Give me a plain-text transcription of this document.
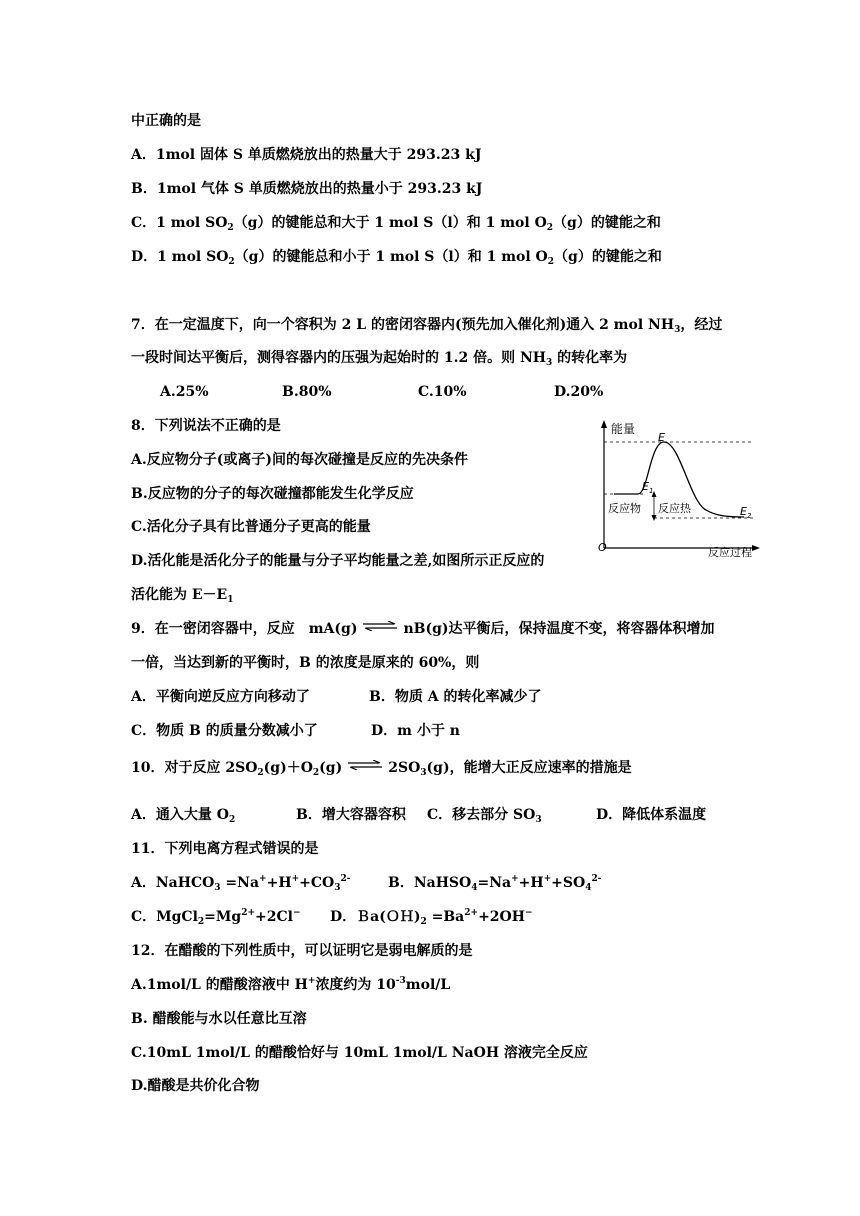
中正确的是
A．1mol 固体 S 单质燃烧放出的热量大于 293.23 kJ
B．1mol 气体 S 单质燃烧放出的热量小于 293.23 kJ
C．1 mol $SO_2(g)$的键能总和大于 1 mol S（l）和 1 mol $O_2(g)$的键能之和
D．1 mol $SO_2(g)$的键能总和小于 1 mol S（l）和 1 mol $O_2(g)$的键能之和
7．在一定温度下，向一个容积为 2 L 的密闭容器内(预先加入催化剂)通入 2 mol $NH_3$，经过
一段时间达平衡后，测得容器内的压强为起始时的 1.2 倍。则 $NH_3$ 的转化率为
A.25%	B.80%	C.10%	D.20%
8．下列说法不正确的是
A.反应物分子(或离子)间的每次碰撞是反应的先决条件
B.反应物的分子的每次碰撞都能发生化学反应
C.活化分子具有比普通分子更高的能量
D.活化能是活化分子的能量与分子平均能量之差,如图所示正反应的
活化能为 $E-E_1$
能量
O	反应过程
E
$E_1$
$E_2$
反应物 反应热
9．在一密闭容器中，反应　mA(g) ⇌ nB(g)达平衡后，保持温度不变，将容器体积增加
一倍，当达到新的平衡时，B 的浓度是原来的 60%，则
A．平衡向逆反应方向移动了	B．物质 A 的转化率减少了
C．物质 B 的质量分数减小了	D．m 小于 n
10．对于反应 $2SO_2(g)+O_2(g)$ ⇌ $2SO_3(g)$，能增大正反应速率的措施是
A．通入大量 $O_2$	B．增大容器容积 C．移去部分 $SO_3$	D．降低体系温度
11．下列电离方程式错误的是
A．NaHCO$_3$ $=Na^++H^++CO_3^{2-}$	B．$NaHSO_4=Na^++H^++SO_4^{2-}$
C．$MgCl_2=Mg^{2+}+2Cl^-$ D．$Ba(OH)_2 =Ba^{2+}+2OH^-$
12．在醋酸的下列性质中，可以证明它是弱电解质的是
A.1mol/L 的醋酸溶液中 H+浓度约为 $10^{-3}mol/L$
B. 醋酸能与水以任意比互溶
C.10mL 1mol/L 的醋酸恰好与 10mL 1mol/L NaOH 溶液完全反应
D.醋酸是共价化合物
